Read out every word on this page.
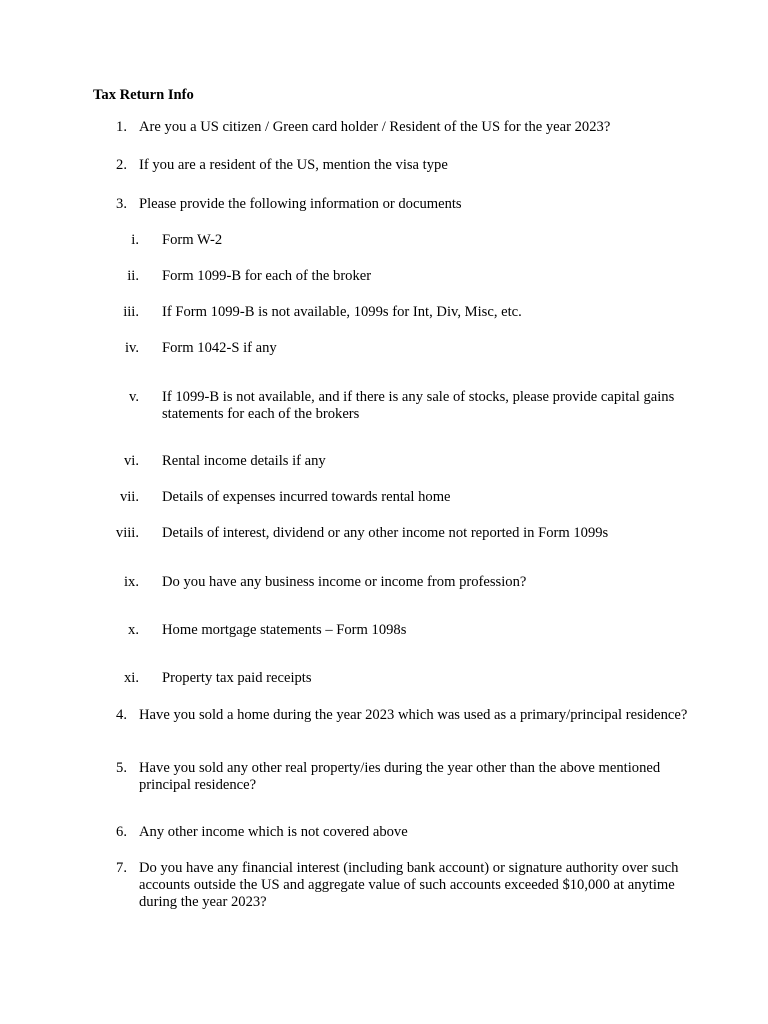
Tax Return Info
1. Are you a US citizen / Green card holder / Resident of the US for the year 2023?
2. If you are a resident of the US, mention the visa type
3. Please provide the following information or documents
i. Form W-2
ii. Form 1099-B for each of the broker
iii. If Form 1099-B is not available, 1099s for Int, Div, Misc, etc.
iv. Form 1042-S if any
v. If 1099-B is not available, and if there is any sale of stocks, please provide capital gains statements for each of the brokers
vi. Rental income details if any
vii. Details of expenses incurred towards rental home
viii. Details of interest, dividend or any other income not reported in Form 1099s
ix. Do you have any business income or income from profession?
x. Home mortgage statements – Form 1098s
xi. Property tax paid receipts
4. Have you sold a home during the year 2023 which was used as a primary/principal residence?
5. Have you sold any other real property/ies during the year other than the above mentioned principal residence?
6. Any other income which is not covered above
7. Do you have any financial interest (including bank account) or signature authority over such accounts outside the US and aggregate value of such accounts exceeded $10,000 at anytime during the year 2023?
